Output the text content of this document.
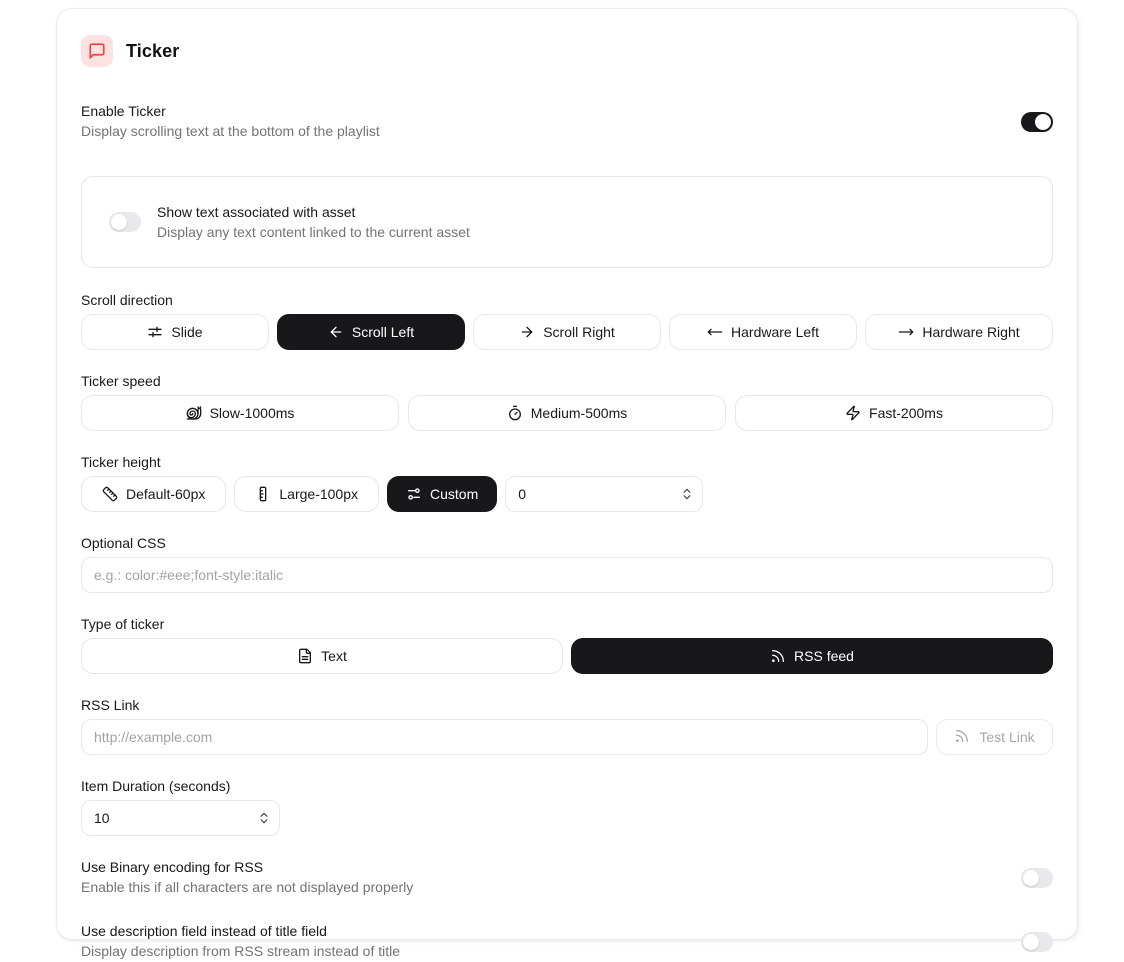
Ticker
Enable Ticker
Display scrolling text at the bottom of the playlist
Show text associated with asset
Display any text content linked to the current asset
Scroll direction
Slide	Scroll Left	Scroll Right	Hardware Left	Hardware Right
Ticker speed
Slow-1000ms	Medium-500ms	Fast-200ms
Ticker height
Default-60px	Large-100px	Custom
0
Optional CSS
e.g.: color:#eee;font-style:italic
Type of ticker
Text	RSS feed
RSS Link
http://example.com
Test Link
Item Duration (seconds)
10
Use Binary encoding for RSS
Enable this if all characters are not displayed properly
Use description field instead of title field
Display description from RSS stream instead of title
